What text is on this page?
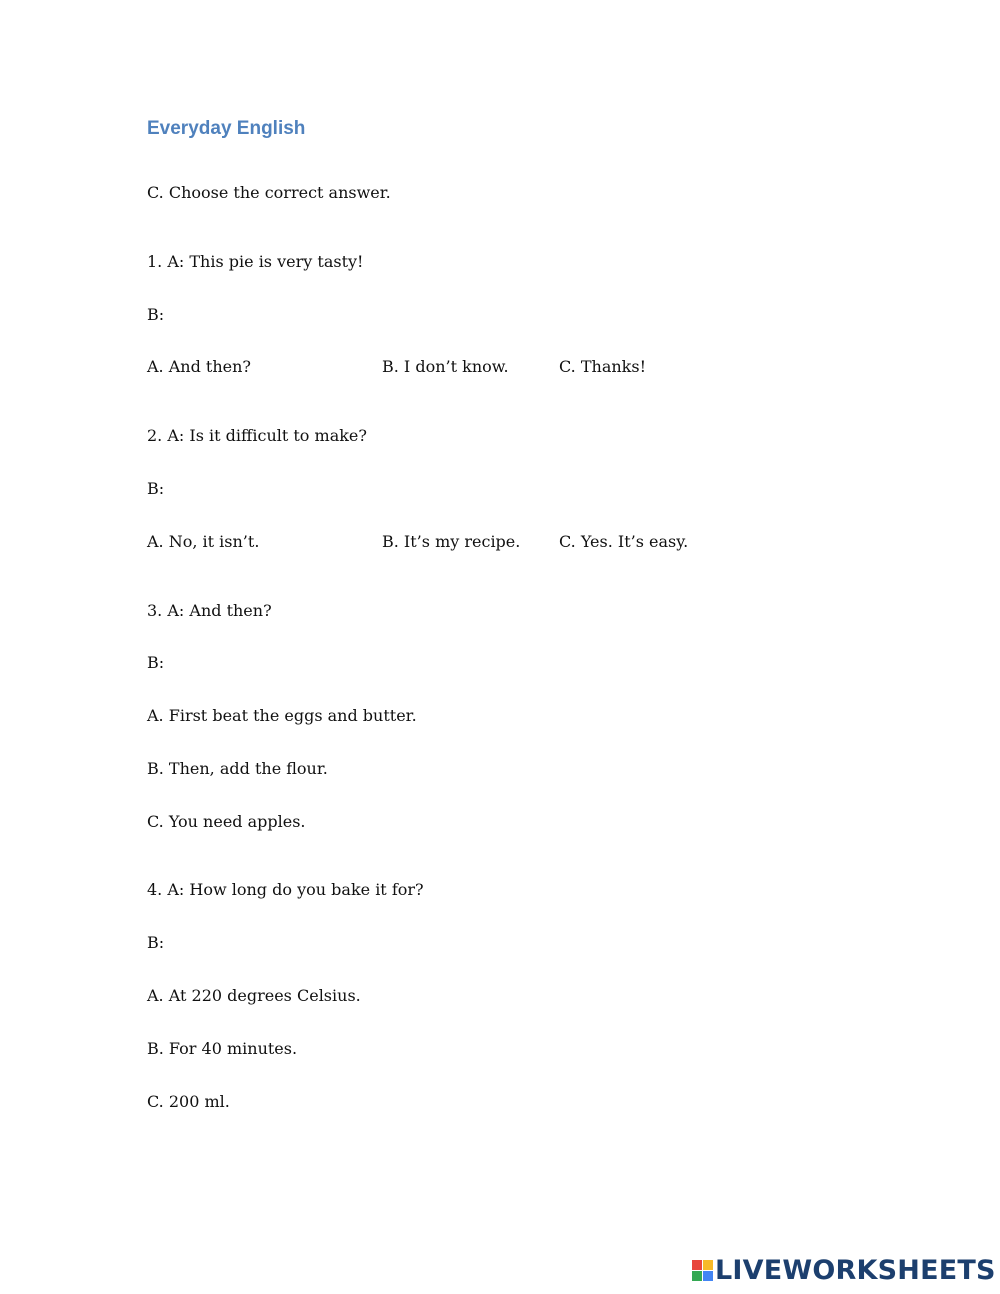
Everyday English
C. Choose the correct answer.
1. A: This pie is very tasty!
B:
A. And then?	B. I don’t know.	C. Thanks!
2. A: Is it difficult to make?
B:
A. No, it isn’t.	B. It’s my recipe. C. Yes. It’s easy.
3. A: And then?
B:
A. First beat the eggs and butter.
B. Then, add the flour.
C. You need apples.
4. A: How long do you bake it for?
B:
A. At 220 degrees Celsius.
B. For 40 minutes.
C. 200 ml.
LIVEWORKSHEETS
